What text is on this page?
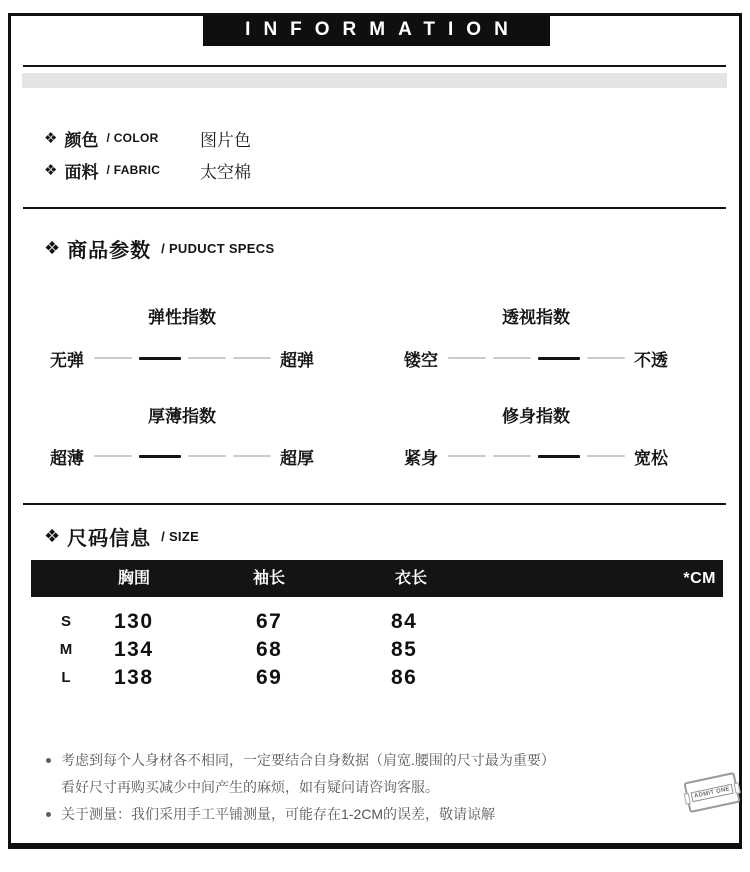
INFORMATION
❖ 颜色 / COLOR 图片色
❖ 面料 / FABRIC 太空棉
❖ 商品参数 / PUDUCT SPECS
弹性指数	透视指数
厚薄指数	修身指数
无弹	超弹	镂空	不透
超薄	超厚	紧身	宽松
❖ 尺码信息 / SIZE
胸围	袖长	衣长	*CM
S 130	67	84
M 134	68	85
L 138	69	86
考虑到每个人身材各不相同，一定要结合自身数据（肩宽.腰围的尺寸最为重要）
看好尺寸再购买减少中间产生的麻烦，如有疑问请咨询客服。
关于测量：我们采用手工平铺测量，可能存在1-2CM的误差，敬请谅解
ADMIT ONE
